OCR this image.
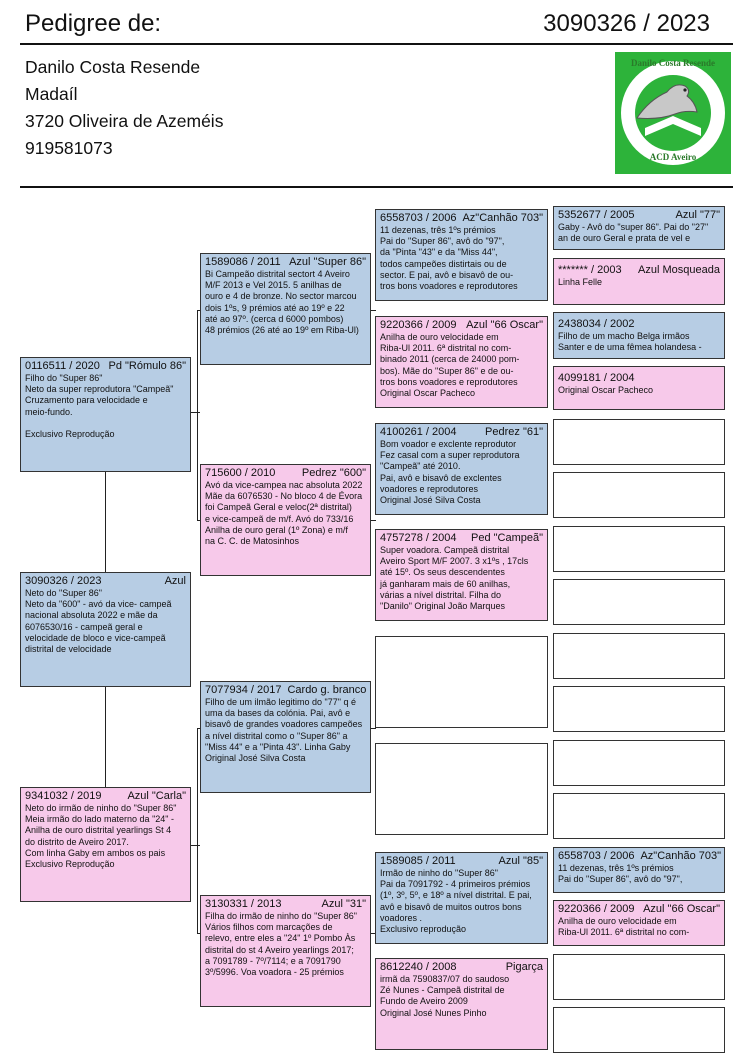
Pedigree de:	3090326 / 2023
Danilo Costa Resende
Madaíl
3720 Oliveira de Azeméis
919581073
Danilo Costa Resende
ACD Aveiro
0116511 / 2020 Pd "Rómulo 86"
Filho do "Super 86"
Neto da super reprodutora "Campeã"
Cruzamento para velocidade e
meio-fundo.
Exclusivo Reprodução
3090326 / 2023	Azul
Neto do "Super 86"
Neto da "600" - avó da vice- campeã
nacional absoluta 2022 e mãe da
6076530/16 - campeã geral e
velocidade de bloco e vice-campeã
distrital de velocidade
9341032 / 2019	Azul "Carla"
Neto do irmão de ninho do "Super 86"
Meia irmão do lado materno da "24" -
Anilha de ouro distrital yearlings St 4
do distrito de Aveiro 2017.
Com linha Gaby em ambos os pais
Exclusivo Reprodução
1589086 / 2011 Azul "Super 86"
Bi Campeão distrital sectort 4 Aveiro
M/F 2013 e Vel 2015. 5 anilhas de
ouro e 4 de bronze. No sector marcou
dois 1ºs, 9 prémios até ao 19º e 22
até ao 97º. (cerca d 6000 pombos)
48 prémios (26 até ao 19º em Riba-Ul)
715600 / 2010	Pedrez "600"
Avó da vice-campea nac absoluta 2022
Mãe da 6076530 - No bloco 4 de Évora
foi Campeã Geral e veloc(2ª distrital)
e vice-campeã de m/f. Avó do 733/16
Anilha de ouro geral (1º Zona) e m/f
na C. C. de Matosinhos
7077934 / 2017 Cardo g. branco
Filho de um ilmão legitimo do "77" q é
uma da bases da colónia. Pai, avô e
bisavô de grandes voadores campeões
a nível distrital como o "Super 86" a
"Miss 44" e a "Pinta 43". Linha Gaby
Original José Silva Costa
3130331 / 2013	Azul "31"
Filha do irmão de ninho do "Super 86"
Vários filhos com marcações de
relevo, entre eles a "24" 1º Pombo Às
distrital do st 4 Aveiro yearlings 2017;
a 7091789 - 7º/7114; e a 7091790
3º/5996. Voa voadora - 25 prémios
6558703 / 2006 Az"Canhão 703"
11 dezenas, três 1ºs prémios
Pai do "Super 86", avô do "97",
da "Pinta "43" e da "Miss 44",
todos campeões distirtais ou de
sector. E pai, avô e bisavô de ou-
tros bons voadores e reprodutores
9220366 / 2009 Azul "66 Oscar"
Anilha de ouro velocidade em
Riba-Ul 2011. 6ª distrital no com-
binado 2011 (cerca de 24000 pom-
bos). Mãe do "Super 86" e de ou-
tros bons voadores e reprodutores
Original Oscar Pacheco
4100261 / 2004	Pedrez "61"
Bom voador e exclente reprodutor
Fez casal com a super reprodutora
"Campeã" até 2010.
Pai, avô e bisavô de exclentes
voadores e reprodutores
Original José Silva Costa
4757278 / 2004	Ped "Campeã"
Super voadora. Campeã distrital
Aveiro Sport M/F 2007. 3 x1ºs , 17cls
até 15º. Os seus descendentes
já ganharam mais de 60 anilhas,
várias a nível distrital. Filha do
"Danilo" Original João Marques
1589085 / 2011	Azul "85"
Irmão de ninho do "Super 86"
Pai da 7091792 - 4 primeiros prémios
(1º, 3º, 5º, e 18º a nível distrital. E pai,
avô e bisavô de muitos outros bons
voadores .
Exclusivo reprodução
8612240 / 2008	Pigarça
irmã da 7590837/07 do saudoso
Zé Nunes - Campeã distrital de
Fundo de Aveiro 2009
Original José Nunes Pinho
5352677 / 2005	Azul "77"
Gaby - Avô do "super 86". Pai do "27"
an de ouro Geral e prata de vel e
******* / 2003	Azul Mosqueada
Linha Felle
2438034 / 2002
Filho de um macho Belga irmãos
Santer e de uma fêmea holandesa -
4099181 / 2004
Original Oscar Pacheco
6558703 / 2006 Az"Canhão 703"
11 dezenas, três 1ºs prémios
Pai do "Super 86", avô do "97",
9220366 / 2009 Azul "66 Oscar"
Anilha de ouro velocidade em
Riba-Ul 2011. 6ª distrital no com-
